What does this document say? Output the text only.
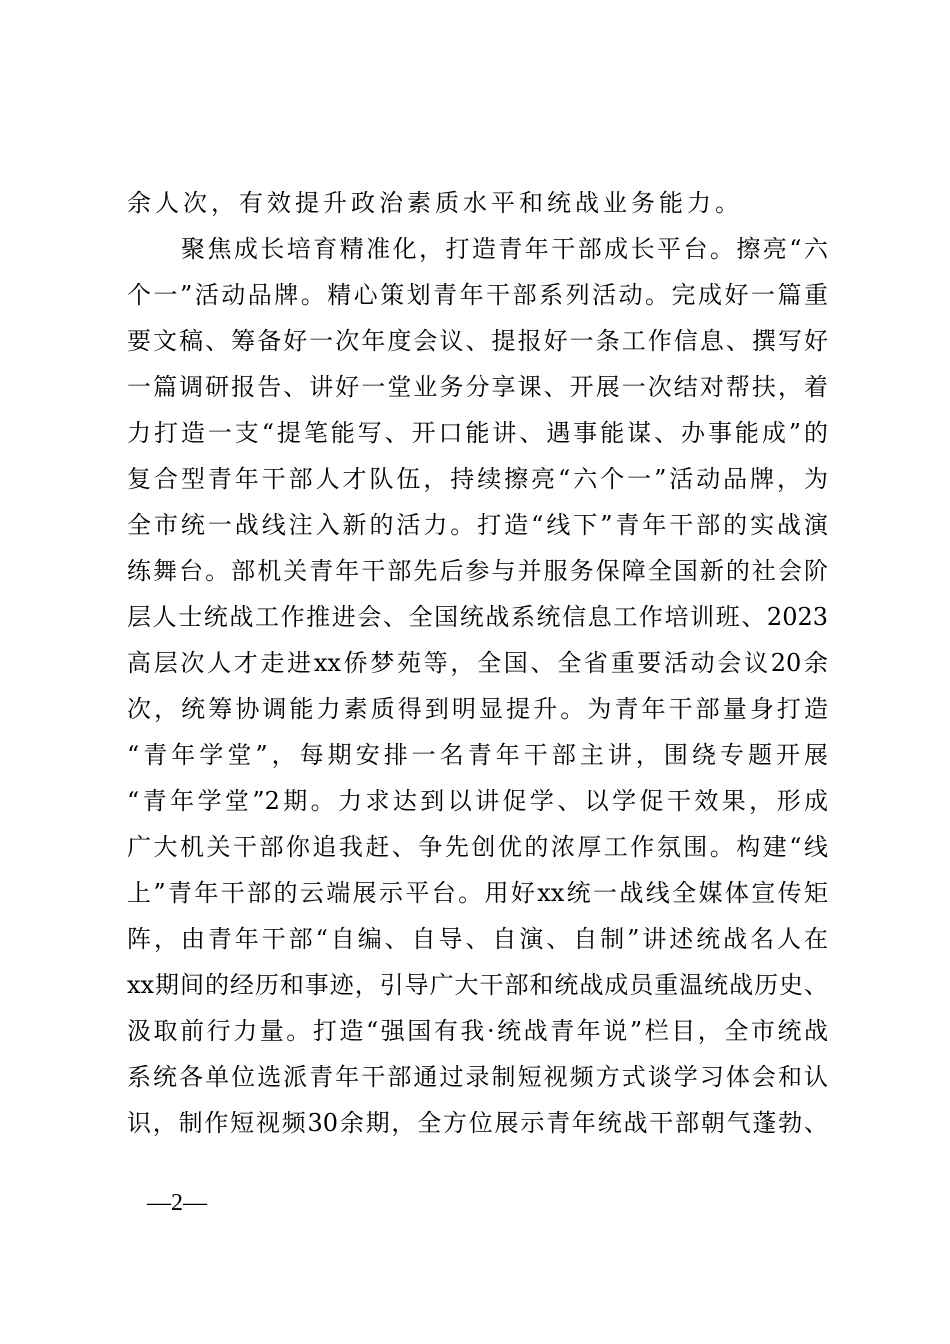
余人次，有效提升政治素质水平和统战业务能力。
聚焦成长培育精准化，打造青年干部成长平台。擦亮“六
个一”活动品牌。精心策划青年干部系列活动。完成好一篇重
要文稿、筹备好一次年度会议、提报好一条工作信息、撰写好
一篇调研报告、讲好一堂业务分享课、开展一次结对帮扶，着
力打造一支“提笔能写、开口能讲、遇事能谋、办事能成”的
复合型青年干部人才队伍，持续擦亮“六个一”活动品牌，为
全市统一战线注入新的活力。打造“线下”青年干部的实战演
练舞台。部机关青年干部先后参与并服务保障全国新的社会阶
层人士统战工作推进会、全国统战系统信息工作培训班、2023
高层次人才走进xx侨梦苑等，全国、全省重要活动会议20余
次，统筹协调能力素质得到明显提升。为青年干部量身打造
“青年学堂”，每期安排一名青年干部主讲，围绕专题开展
“青年学堂”2期。力求达到以讲促学、以学促干效果，形成
广大机关干部你追我赶、争先创优的浓厚工作氛围。构建“线
上”青年干部的云端展示平台。用好xx统一战线全媒体宣传矩
阵，由青年干部“自编、自导、自演、自制”讲述统战名人在
xx期间的经历和事迹，引导广大干部和统战成员重温统战历史、
汲取前行力量。打造“强国有我·统战青年说”栏目，全市统战
系统各单位选派青年干部通过录制短视频方式谈学习体会和认
识，制作短视频30余期，全方位展示青年统战干部朝气蓬勃、
—2—
